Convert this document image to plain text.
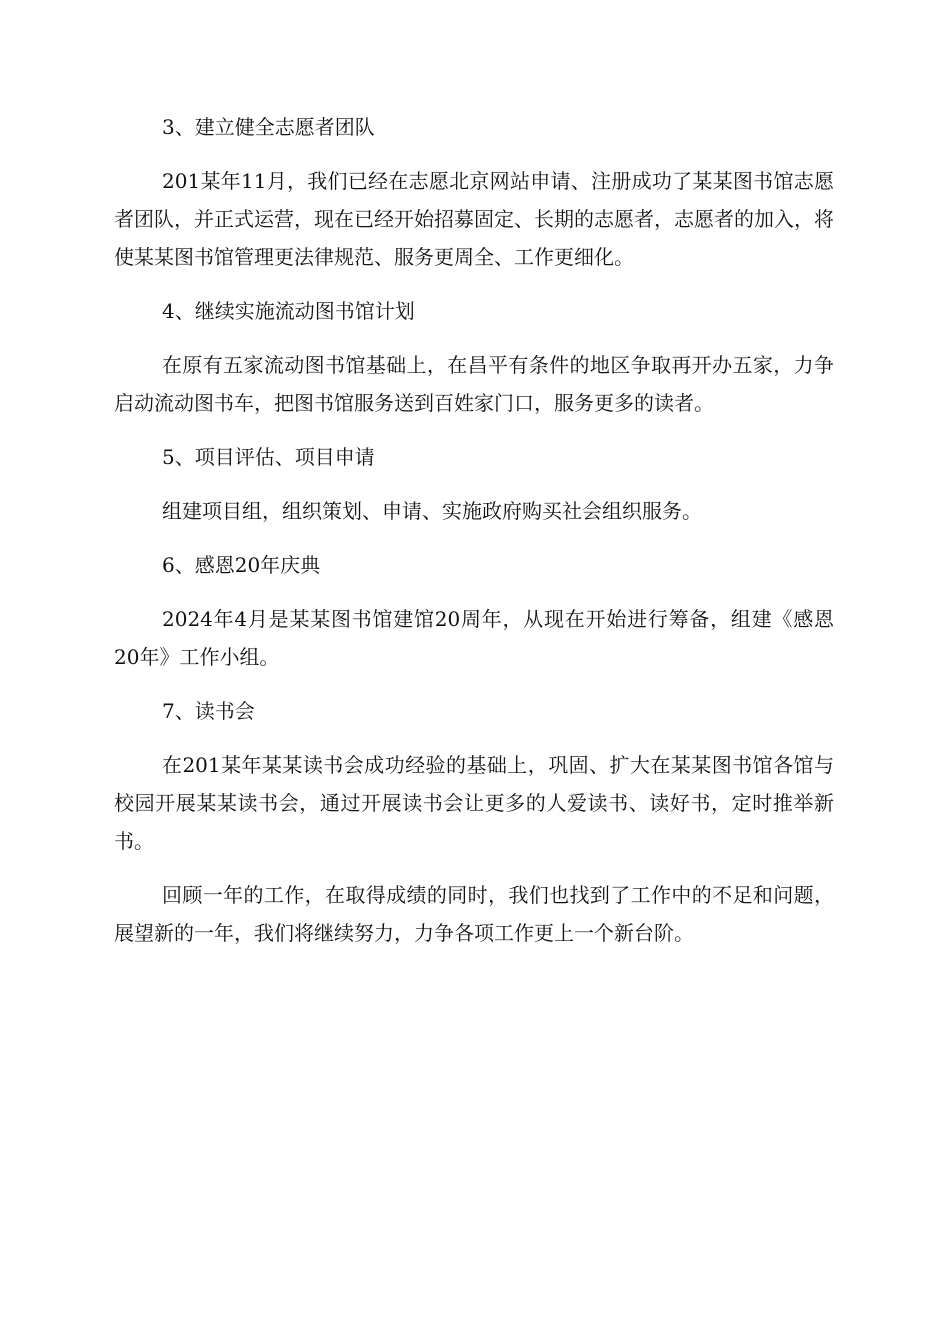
3、建立健全志愿者团队

201某年11月，我们已经在志愿北京网站申请、注册成功了某某图书馆志愿者团队，并正式运营，现在已经开始招募固定、长期的志愿者，志愿者的加入，将使某某图书馆管理更法律规范、服务更周全、工作更细化。

4、继续实施流动图书馆计划

在原有五家流动图书馆基础上，在昌平有条件的地区争取再开办五家，力争启动流动图书车，把图书馆服务送到百姓家门口，服务更多的读者。

5、项目评估、项目申请

组建项目组，组织策划、申请、实施政府购买社会组织服务。

6、感恩20年庆典

2024年4月是某某图书馆建馆20周年，从现在开始进行筹备，组建《感恩20年》工作小组。

7、读书会

在201某年某某读书会成功经验的基础上，巩固、扩大在某某图书馆各馆与校园开展某某读书会，通过开展读书会让更多的人爱读书、读好书，定时推举新书。

回顾一年的工作，在取得成绩的同时，我们也找到了工作中的不足和问题，展望新的一年，我们将继续努力，力争各项工作更上一个新台阶。
